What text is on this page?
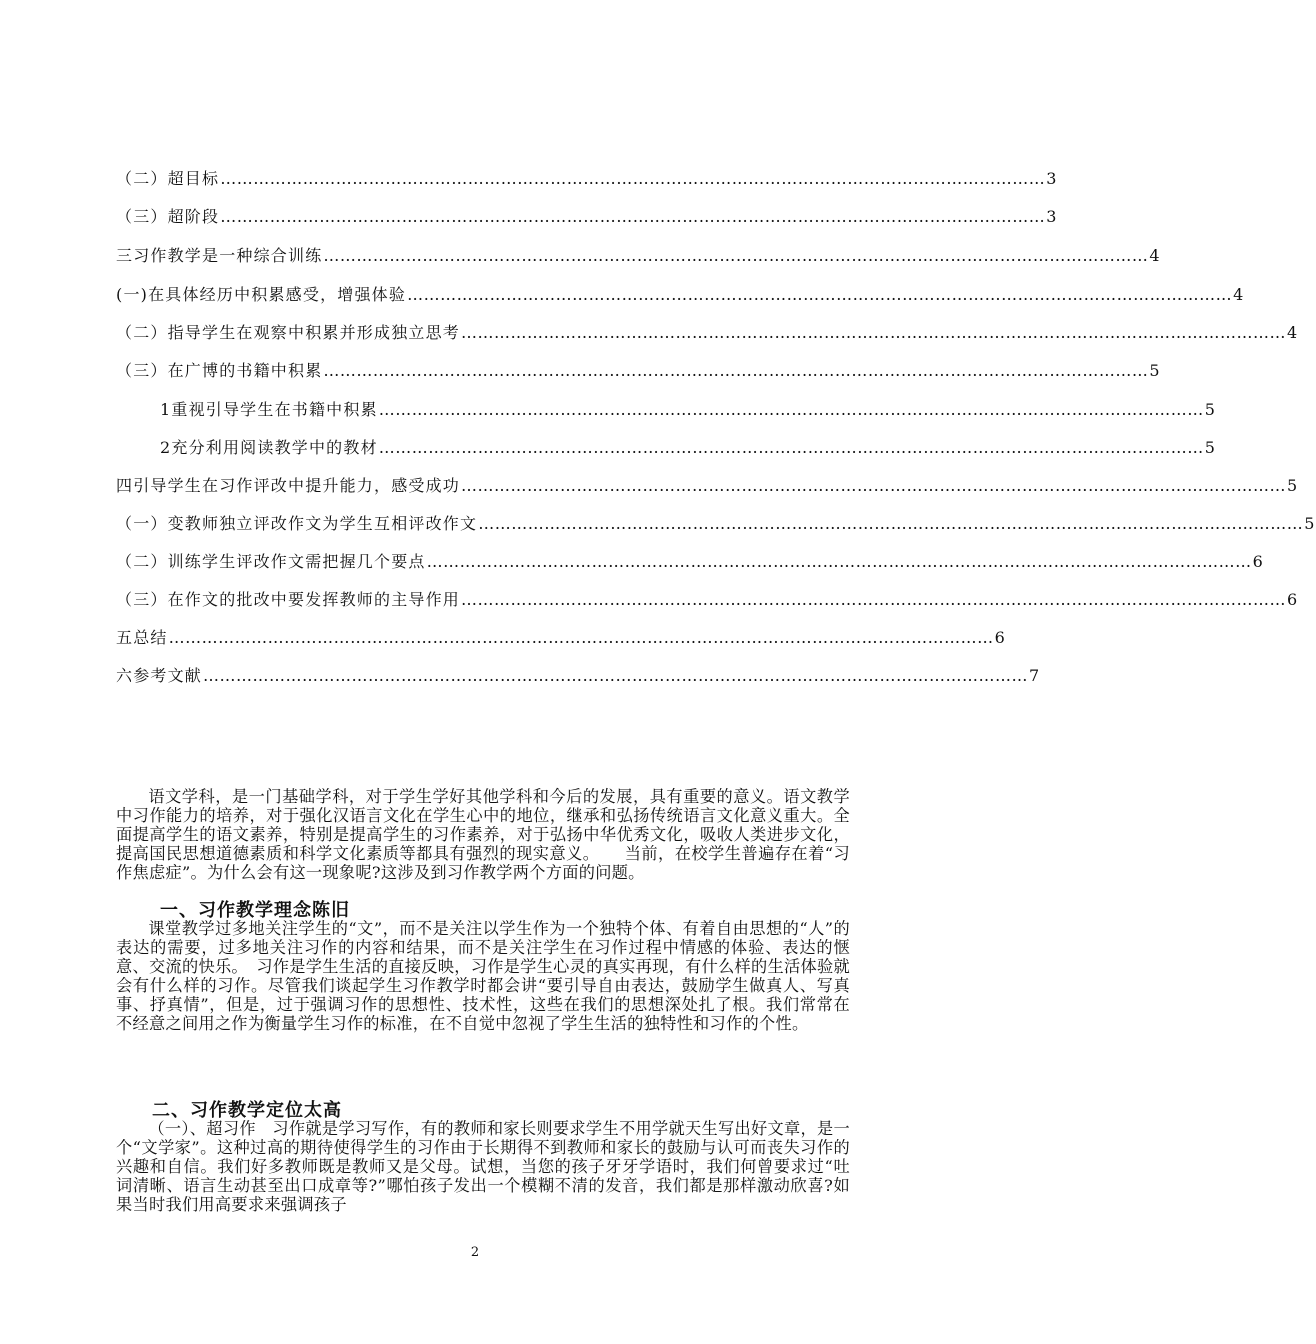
（二）超目标 …………………………………………………………………………………………………………………………………… 3
（三）超阶段 …………………………………………………………………………………………………………………………………… 3
三习作教学是一种综合训练 …………………………………………………………………………………………………………………………………… 4
(一)在具体经历中积累感受，增强体验 …………………………………………………………………………………………………………………………………… 4
（二）指导学生在观察中积累并形成独立思考 …………………………………………………………………………………………………………………………………… 4
（三）在广博的书籍中积累 …………………………………………………………………………………………………………………………………… 5
1重视引导学生在书籍中积累 …………………………………………………………………………………………………………………………………… 5
2充分利用阅读教学中的教材 …………………………………………………………………………………………………………………………………… 5
四引导学生在习作评改中提升能力，感受成功 …………………………………………………………………………………………………………………………………… 5
（一）变教师独立评改作文为学生互相评改作文 …………………………………………………………………………………………………………………………………… 5
（二）训练学生评改作文需把握几个要点 …………………………………………………………………………………………………………………………………… 6
（三）在作文的批改中要发挥教师的主导作用 …………………………………………………………………………………………………………………………………… 6
五总结 …………………………………………………………………………………………………………………………………… 6
六参考文献 …………………………………………………………………………………………………………………………………… 7

语文学科，是一门基础学科，对于学生学好其他学科和今后的发展，具有重要的意义。语文教学中习作能力的培养，对于强化汉语言文化在学生心中的地位，继承和弘扬传统语言文化意义重大。全面提高学生的语文素养，特别是提高学生的习作素养，对于弘扬中华优秀文化，吸收人类进步文化，提高国民思想道德素质和科学文化素质等都具有强烈的现实意义。　　当前，在校学生普遍存在着“习作焦虑症”。为什么会有这一现象呢?这涉及到习作教学两个方面的问题。

一、习作教学理念陈旧

课堂教学过多地关注学生的“文”，而不是关注以学生作为一个独特个体、有着自由思想的“人”的表达的需要，过多地关注习作的内容和结果，而不是关注学生在习作过程中情感的体验、表达的惬意、交流的快乐。　习作是学生生活的直接反映，习作是学生心灵的真实再现，有什么样的生活体验就会有什么样的习作。尽管我们谈起学生习作教学时都会讲“要引导自由表达，鼓励学生做真人、写真事、抒真情”，但是，过于强调习作的思想性、技术性，这些在我们的思想深处扎了根。我们常常在不经意之间用之作为衡量学生习作的标准，在不自觉中忽视了学生生活的独特性和习作的个性。

二、习作教学定位太高

（一）、超习作　习作就是学习写作，有的教师和家长则要求学生不用学就天生写出好文章，是一个“文学家”。这种过高的期待使得学生的习作由于长期得不到教师和家长的鼓励与认可而丧失习作的兴趣和自信。我们好多教师既是教师又是父母。试想，当您的孩子牙牙学语时，我们何曾要求过“吐词清晰、语言生动甚至出口成章等?”哪怕孩子发出一个模糊不清的发音，我们都是那样激动欣喜?如果当时我们用高要求来强调孩子

2
